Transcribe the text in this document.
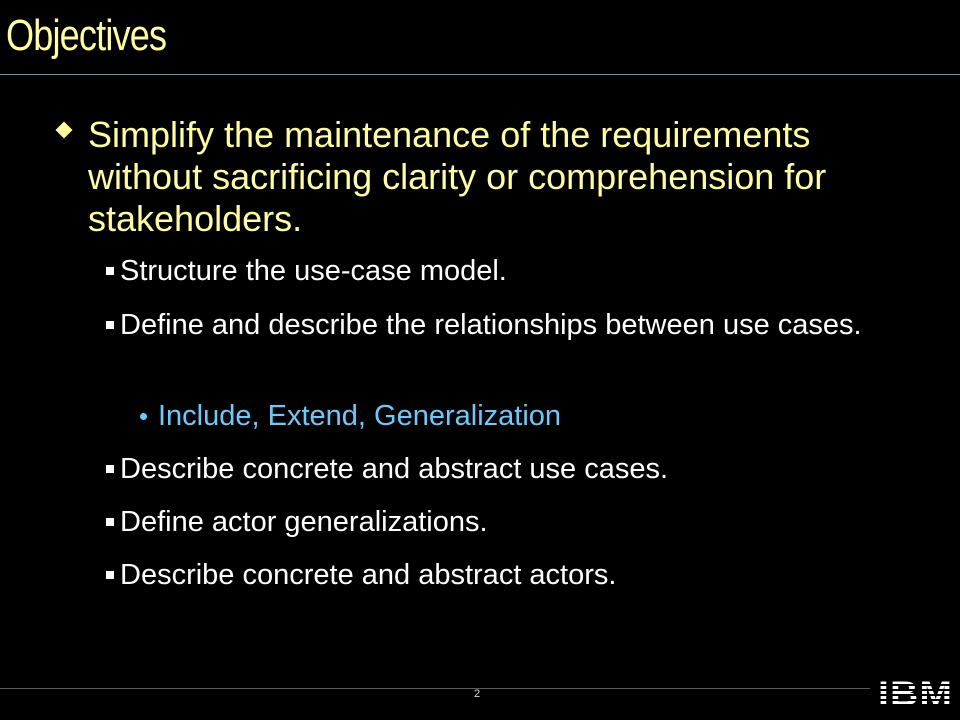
Objectives
Simplify the maintenance of the requirements without sacrificing clarity or comprehension for stakeholders.
Structure the use-case model.
Define and describe the relationships between use cases.
Include, Extend, Generalization
Describe concrete and abstract use cases.
Define actor generalizations.
Describe concrete and abstract actors.
2	IBM
